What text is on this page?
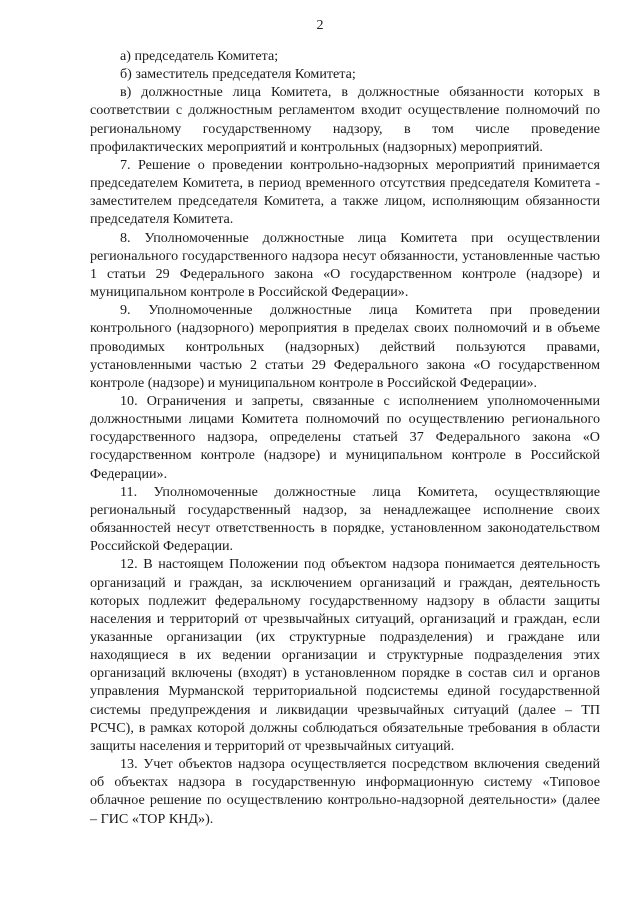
2

а) председатель Комитета;

б) заместитель председателя Комитета;

в) должностные лица Комитета, в должностные обязанности которых в соответствии с должностным регламентом входит осуществление полномочий по региональному государственному надзору, в том числе проведение профилактических мероприятий и контрольных (надзорных) мероприятий.

7. Решение о проведении контрольно-надзорных мероприятий принимается председателем Комитета, в период временного отсутствия председателя Комитета - заместителем председателя Комитета, а также лицом, исполняющим обязанности председателя Комитета.

8. Уполномоченные должностные лица Комитета при осуществлении регионального государственного надзора несут обязанности, установленные частью 1 статьи 29 Федерального закона «О государственном контроле (надзоре) и муниципальном контроле в Российской Федерации».

9. Уполномоченные должностные лица Комитета при проведении контрольного (надзорного) мероприятия в пределах своих полномочий и в объеме проводимых контрольных (надзорных) действий пользуются правами, установленными частью 2 статьи 29 Федерального закона «О государственном контроле (надзоре) и муниципальном контроле в Российской Федерации».

10. Ограничения и запреты, связанные с исполнением уполномоченными должностными лицами Комитета полномочий по осуществлению регионального государственного надзора, определены статьей 37 Федерального закона «О государственном контроле (надзоре) и муниципальном контроле в Российской Федерации».

11. Уполномоченные должностные лица Комитета, осуществляющие региональный государственный надзор, за ненадлежащее исполнение своих обязанностей несут ответственность в порядке, установленном законодательством Российской Федерации.

12. В настоящем Положении под объектом надзора понимается деятельность организаций и граждан, за исключением организаций и граждан, деятельность которых подлежит федеральному государственному надзору в области защиты населения и территорий от чрезвычайных ситуаций, организаций и граждан, если указанные организации (их структурные подразделения) и граждане или находящиеся в их ведении организации и структурные подразделения этих организаций включены (входят) в установленном порядке в состав сил и органов управления Мурманской территориальной подсистемы единой государственной системы предупреждения и ликвидации чрезвычайных ситуаций (далее – ТП РСЧС), в рамках которой должны соблюдаться обязательные требования в области защиты населения и территорий от чрезвычайных ситуаций.

13. Учет объектов надзора осуществляется посредством включения сведений об объектах надзора в государственную информационную систему «Типовое облачное решение по осуществлению контрольно-надзорной деятельности» (далее – ГИС «ТОР КНД»).
